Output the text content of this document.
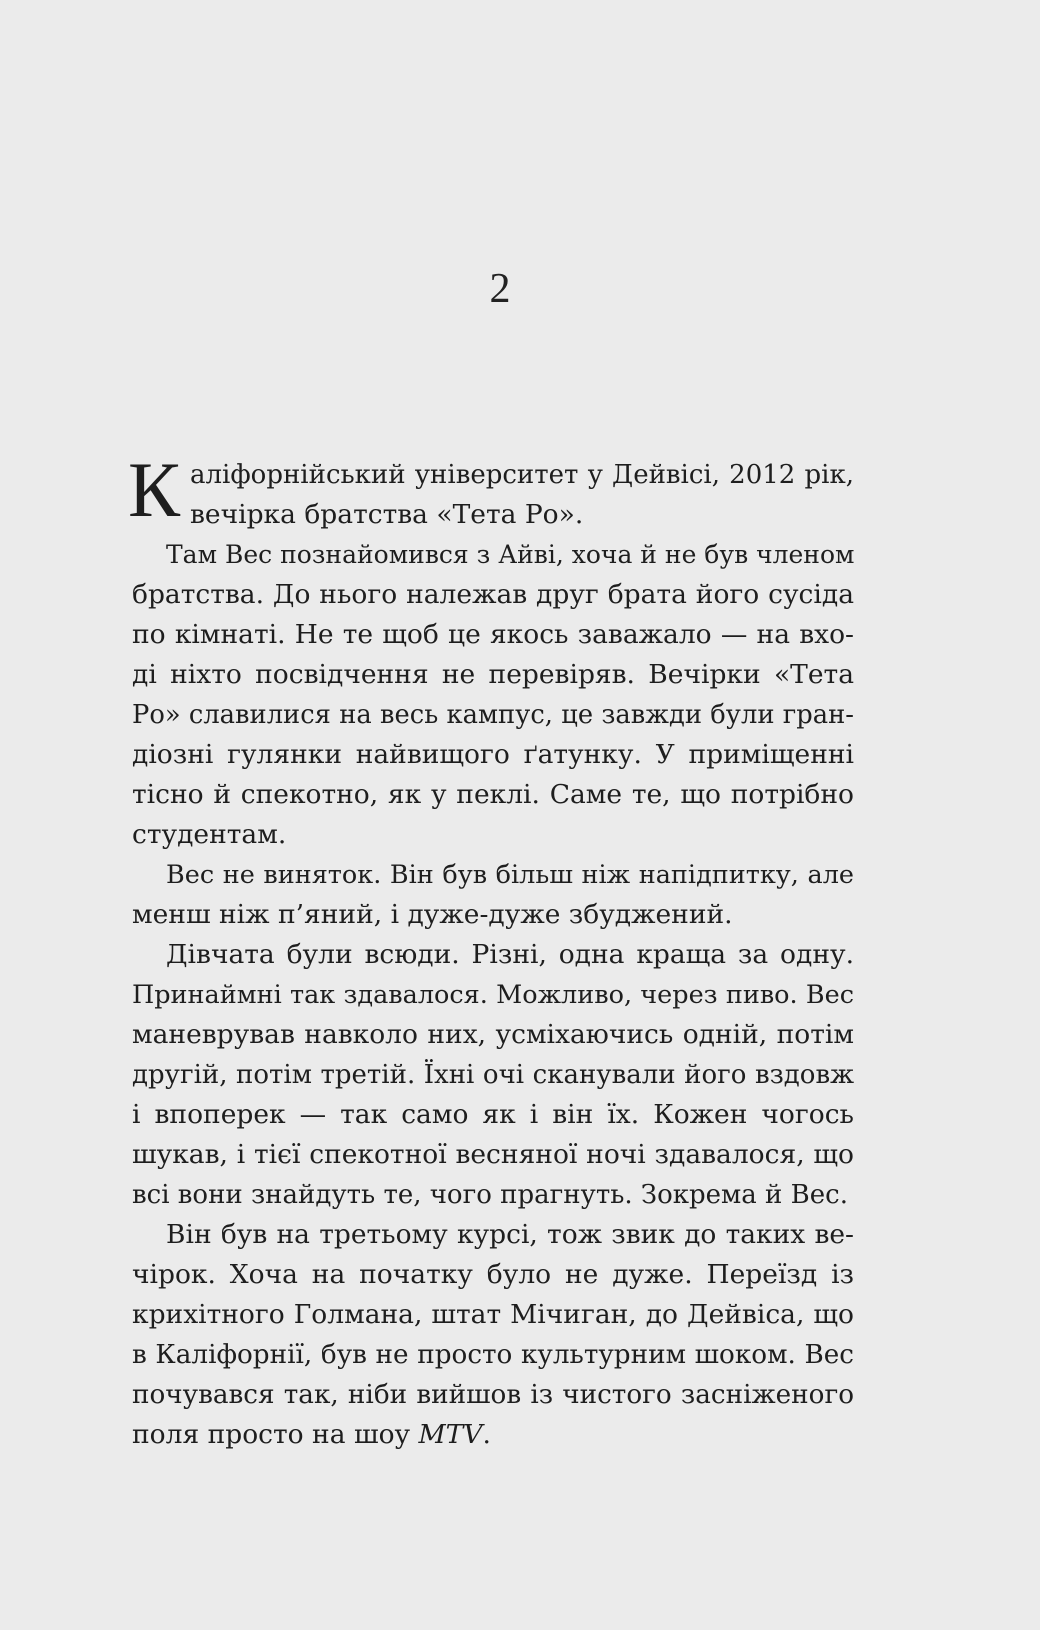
2
К аліфорнійський університет у Дейвісі, 2012 рік,
вечірка братства «Тета Ро».
Там Вес познайомився з Айві, хоча й не був членом
братства. До нього належав друг брата його сусіда
по кімнаті. Не те щоб це якось заважало — на вхо-
ді ніхто посвідчення не перевіряв. Вечірки «Тета
Ро» славилися на весь кампус, це завжди були гран-
діозні гулянки найвищого ґатунку. У приміщенні
тісно й спекотно, як у пеклі. Саме те, що потрібно
студентам.
Вес не виняток. Він був більш ніж напідпитку, але
менш ніж п’яний, і дуже-дуже збуджений.
Дівчата були всюди. Різні, одна краща за одну.
Принаймні так здавалося. Можливо, через пиво. Вес
маневрував навколо них, усміхаючись одній, потім
другій, потім третій. Їхні очі сканували його вздовж
і впоперек — так само як і він їх. Кожен чогось
шукав, і тієї спекотної весняної ночі здавалося, що
всі вони знайдуть те, чого прагнуть. Зокрема й Вес.
Він був на третьому курсі, тож звик до таких ве-
чірок. Хоча на початку було не дуже. Переїзд із
крихітного Голмана, штат Мічиган, до Дейвіса, що
в Каліфорнії, був не просто культурним шоком. Вес
почувався так, ніби вийшов із чистого засніженого
поля просто на шоу MTV.
